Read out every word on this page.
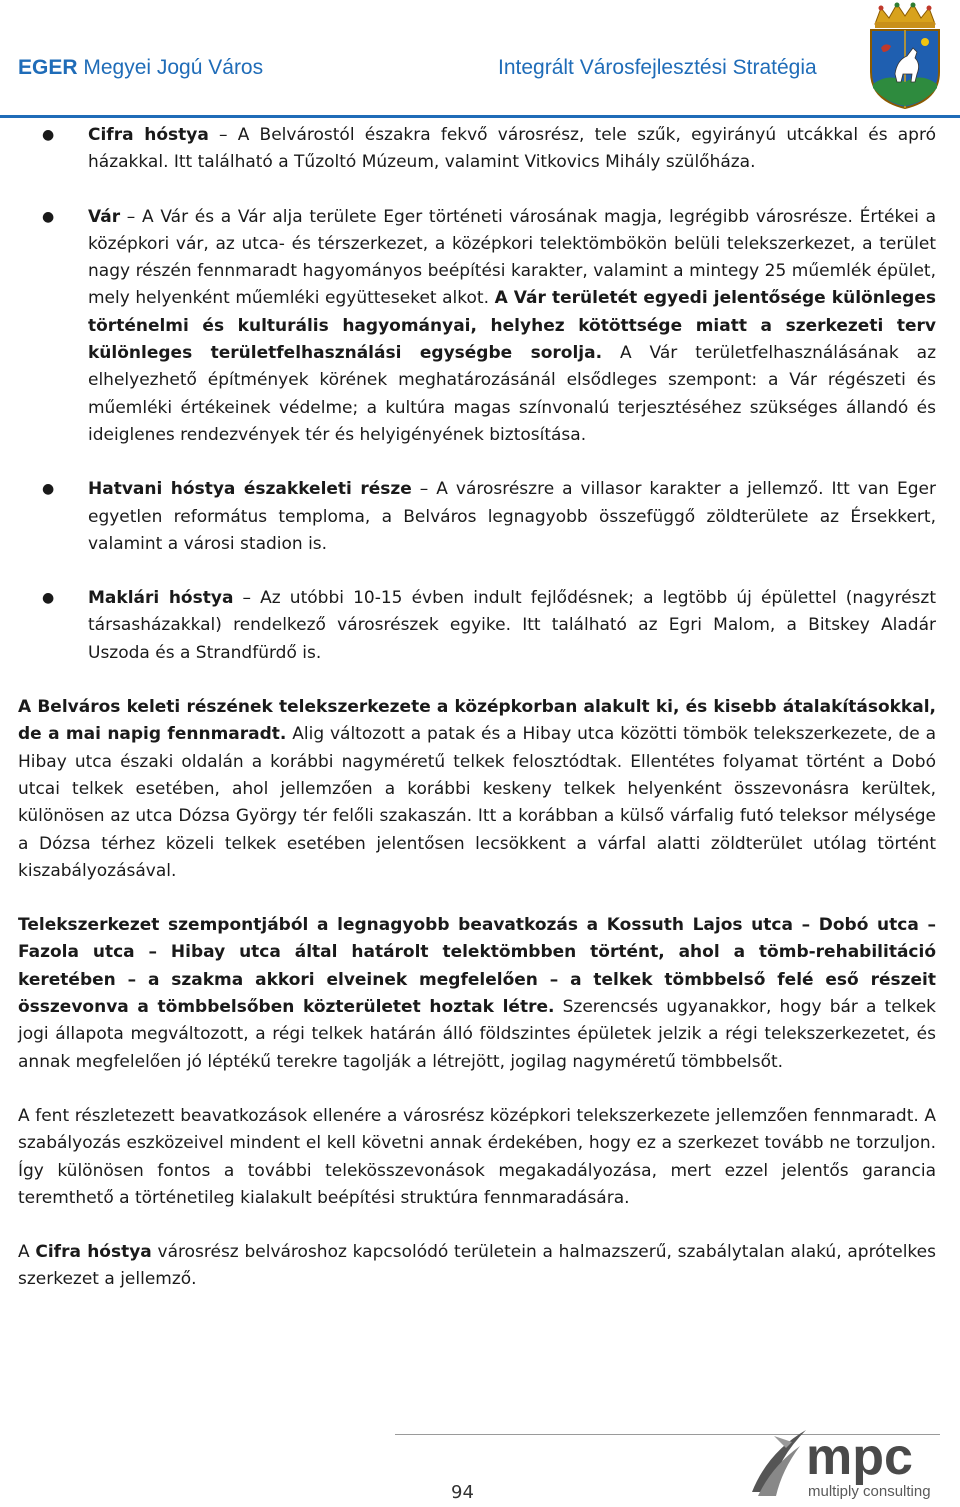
EGER Megyei Jogú Város	Integrált Városfejlesztési Stratégia
● Cifra hóstya – A Belvárostól északra fekvő városrész, tele szűk, egyirányú utcákkal és apró házakkal. Itt található a Tűzoltó Múzeum, valamint Vitkovics Mihály szülőháza.
● Vár – A Vár és a Vár alja területe Eger történeti városának magja, legrégibb városrésze. Értékei a középkori vár, az utca- és térszerkezet, a középkori telektömbökön belüli telekszerkezet, a terület nagy részén fennmaradt hagyományos beépítési karakter, valamint a mintegy 25 műemlék épület, mely helyenként műemléki együtteseket alkot. A Vár területét egyedi jelentősége különleges történelmi és kulturális hagyományai, helyhez kötöttsége miatt a szerkezeti terv különleges területfelhasználási egységbe sorolja. A Vár területfelhasználásának az elhelyezhető építmények körének meghatározásánál elsődleges szempont: a Vár régészeti és műemléki értékeinek védelme; a kultúra magas színvonalú terjesztéséhez szükséges állandó és ideiglenes rendezvények tér és helyigényének biztosítása.
● Hatvani hóstya északkeleti része – A városrészre a villasor karakter a jellemző. Itt van Eger egyetlen református temploma, a Belváros legnagyobb összefüggő zöldterülete az Érsekkert, valamint a városi stadion is.
● Maklári hóstya – Az utóbbi 10-15 évben indult fejlődésnek; a legtöbb új épülettel (nagyrészt társasházakkal) rendelkező városrészek egyike. Itt található az Egri Malom, a Bitskey Aladár Uszoda és a Strandfürdő is.

A Belváros keleti részének telekszerkezete a középkorban alakult ki, és kisebb átalakításokkal, de a mai napig fennmaradt. Alig változott a patak és a Hibay utca közötti tömbök telekszerkezete, de a Hibay utca északi oldalán a korábbi nagyméretű telkek felosztódtak. Ellentétes folyamat történt a Dobó utcai telkek esetében, ahol jellemzően a korábbi keskeny telkek helyenként összevonásra kerültek, különösen az utca Dózsa György tér felőli szakaszán. Itt a korábban a külső várfalig futó teleksor mélysége a Dózsa térhez közeli telkek esetében jelentősen lecsökkent a várfal alatti zöldterület utólag történt kiszabályozásával.

Telekszerkezet szempontjából a legnagyobb beavatkozás a Kossuth Lajos utca – Dobó utca – Fazola utca – Hibay utca által határolt telektömbben történt, ahol a tömb-rehabilitáció keretében – a szakma akkori elveinek megfelelően – a telkek tömbbelső felé eső részeit összevonva a tömbbelsőben közterületet hoztak létre. Szerencsés ugyanakkor, hogy bár a telkek jogi állapota megváltozott, a régi telkek határán álló földszintes épületek jelzik a régi telekszerkezetet, és annak megfelelően jó léptékű terekre tagolják a létrejött, jogilag nagyméretű tömbbelsőt.

A fent részletezett beavatkozások ellenére a városrész középkori telekszerkezete jellemzően fennmaradt. A szabályozás eszközeivel mindent el kell követni annak érdekében, hogy ez a szerkezet tovább ne torzuljon. Így különösen fontos a további telekösszevonások megakadályozása, mert ezzel jelentős garancia teremthető a történetileg kialakult beépítési struktúra fennmaradására.

A Cifra hóstya városrész belvároshoz kapcsolódó területein a halmazszerű, szabálytalan alakú, aprótelkes szerkezet a jellemző.

94
mpc
multiply consulting
